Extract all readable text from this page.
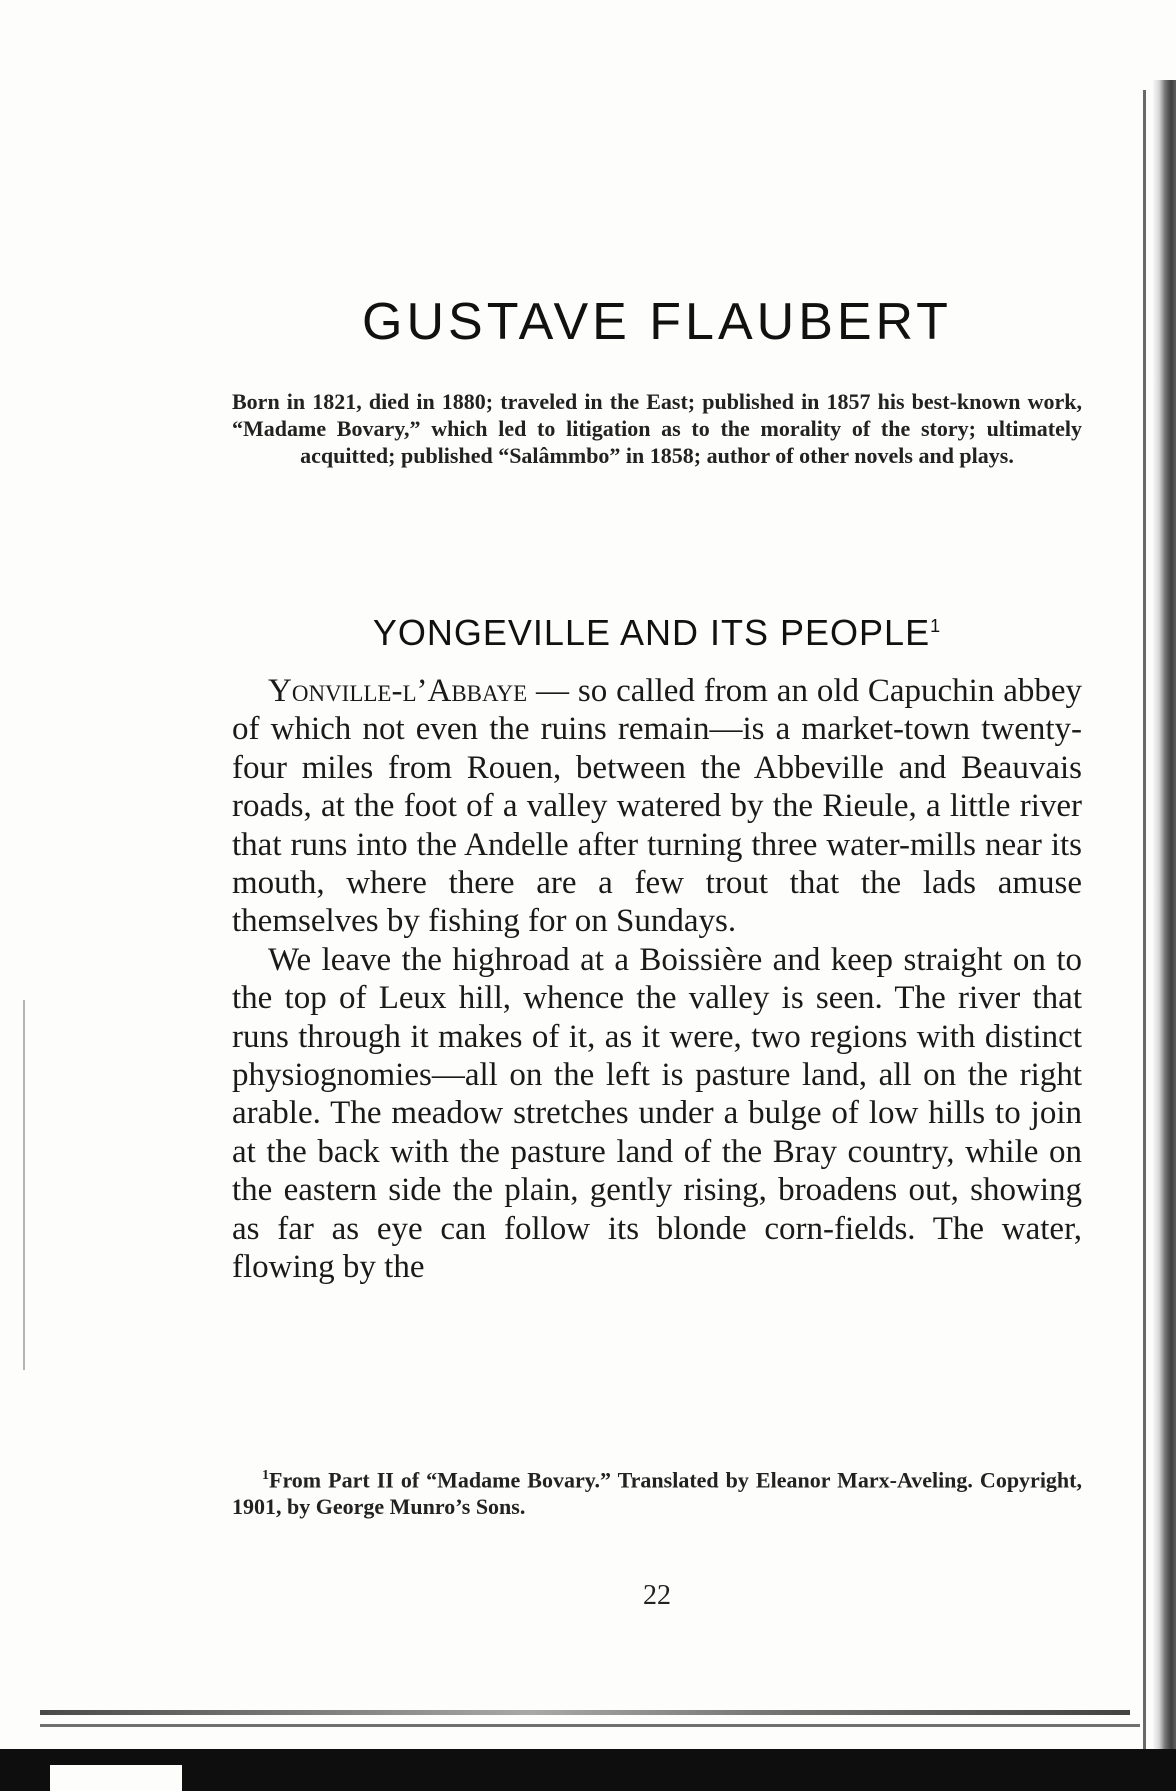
GUSTAVE FLAUBERT

Born in 1821, died in 1880; traveled in the East; published in 1857 his best-known work, “Madame Bovary,” which led to litigation as to the morality of the story; ultimately acquitted; published “Salâmmbo” in 1858; author of other novels and plays.

YONGEVILLE AND ITS PEOPLE$^1$

Yonville-l’Abbaye — so called from an old Capuchin abbey of which not even the ruins remain—is a market-town twenty-four miles from Rouen, between the Abbeville and Beauvais roads, at the foot of a valley watered by the Rieule, a little river that runs into the Andelle after turning three water-mills near its mouth, where there are a few trout that the lads amuse themselves by fishing for on Sundays.

We leave the highroad at a Boissière and keep straight on to the top of Leux hill, whence the valley is seen. The river that runs through it makes of it, as it were, two regions with distinct physiognomies—all on the left is pasture land, all on the right arable. The meadow stretches under a bulge of low hills to join at the back with the pasture land of the Bray country, while on the eastern side the plain, gently rising, broadens out, showing as far as eye can follow its blonde corn-fields. The water, flowing by the

$^1$From Part II of “Madame Bovary.” Translated by Eleanor Marx-Aveling. Copyright, 1901, by George Munro’s Sons.

22
